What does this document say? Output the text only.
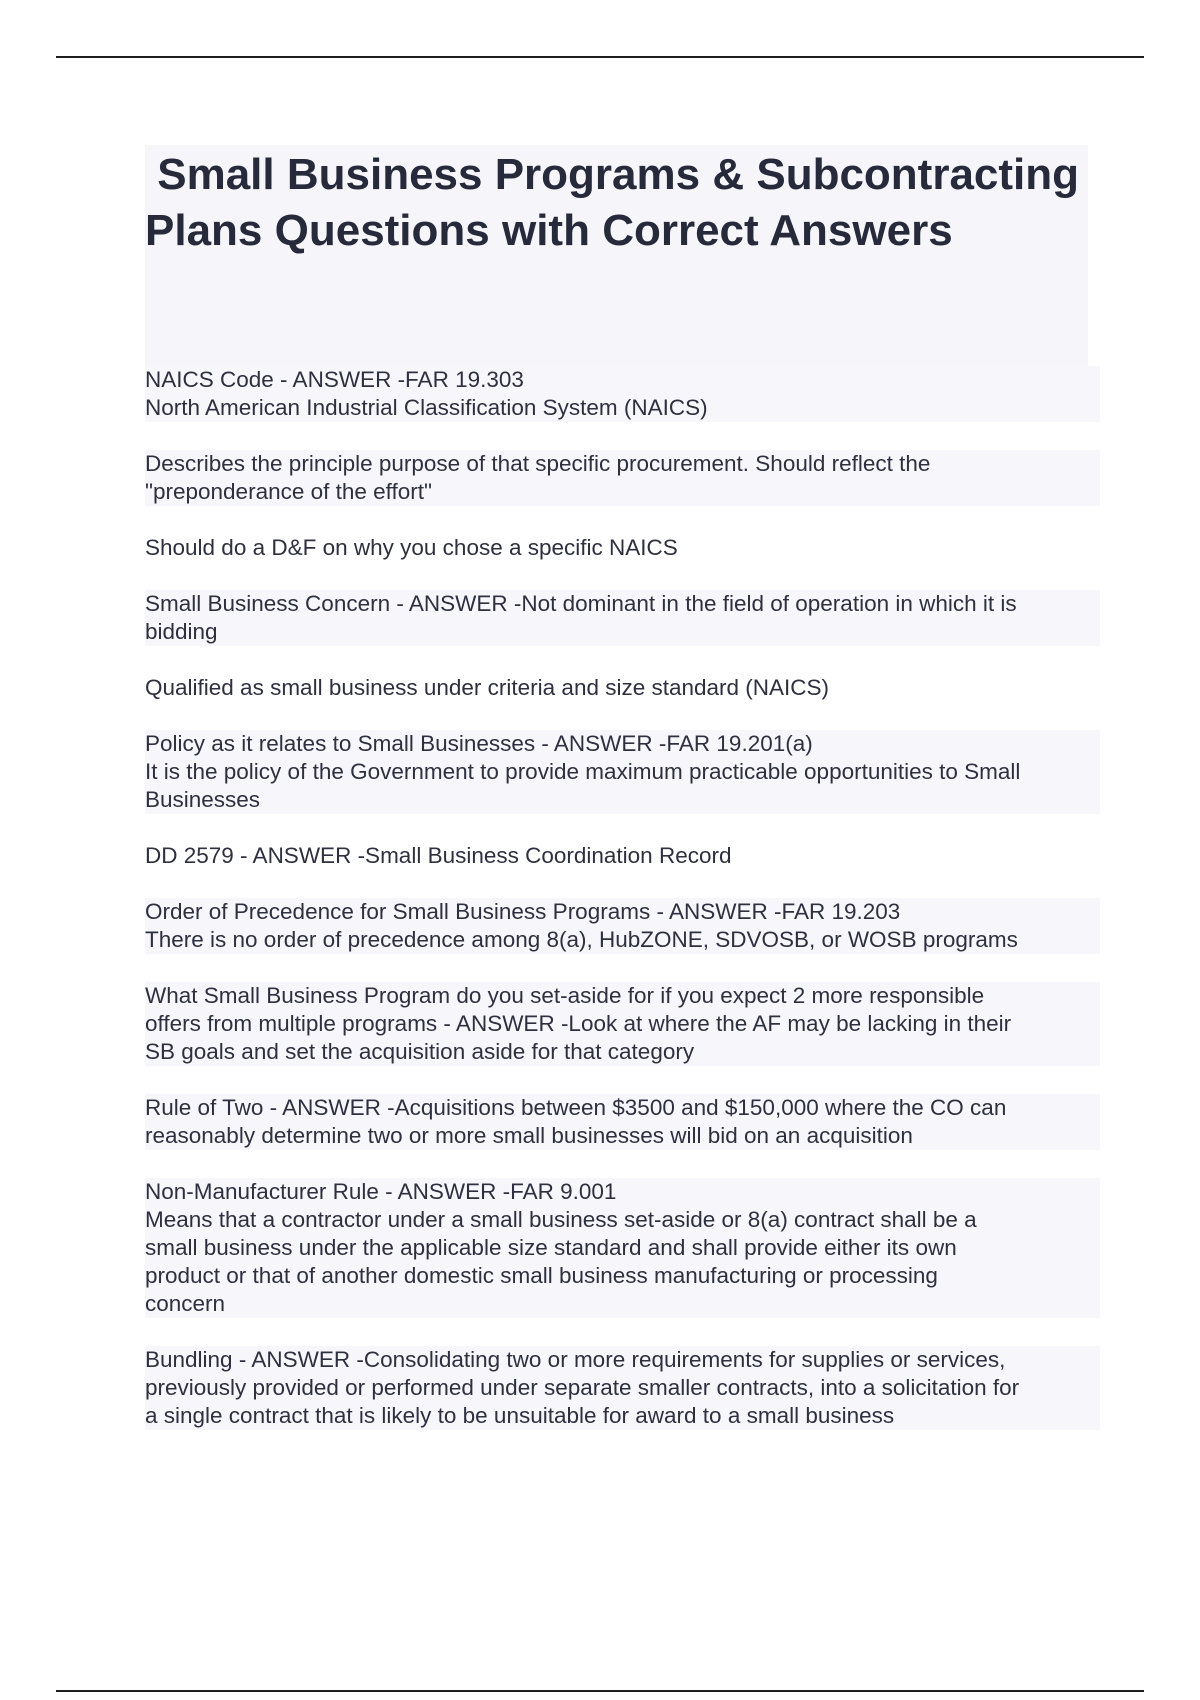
Small Business Programs & Subcontracting Plans Questions with Correct Answers
NAICS Code - ANSWER -FAR 19.303
North American Industrial Classification System (NAICS)
Describes the principle purpose of that specific procurement. Should reflect the
"preponderance of the effort"
Should do a D&F on why you chose a specific NAICS
Small Business Concern - ANSWER -Not dominant in the field of operation in which it is
bidding
Qualified as small business under criteria and size standard (NAICS)
Policy as it relates to Small Businesses - ANSWER -FAR 19.201(a)
It is the policy of the Government to provide maximum practicable opportunities to Small
Businesses
DD 2579 - ANSWER -Small Business Coordination Record
Order of Precedence for Small Business Programs - ANSWER -FAR 19.203
There is no order of precedence among 8(a), HubZONE, SDVOSB, or WOSB programs
What Small Business Program do you set-aside for if you expect 2 more responsible
offers from multiple programs - ANSWER -Look at where the AF may be lacking in their
SB goals and set the acquisition aside for that category
Rule of Two - ANSWER -Acquisitions between $3500 and $150,000 where the CO can
reasonably determine two or more small businesses will bid on an acquisition
Non-Manufacturer Rule - ANSWER -FAR 9.001
Means that a contractor under a small business set-aside or 8(a) contract shall be a
small business under the applicable size standard and shall provide either its own
product or that of another domestic small business manufacturing or processing
concern
Bundling - ANSWER -Consolidating two or more requirements for supplies or services,
previously provided or performed under separate smaller contracts, into a solicitation for
a single contract that is likely to be unsuitable for award to a small business
